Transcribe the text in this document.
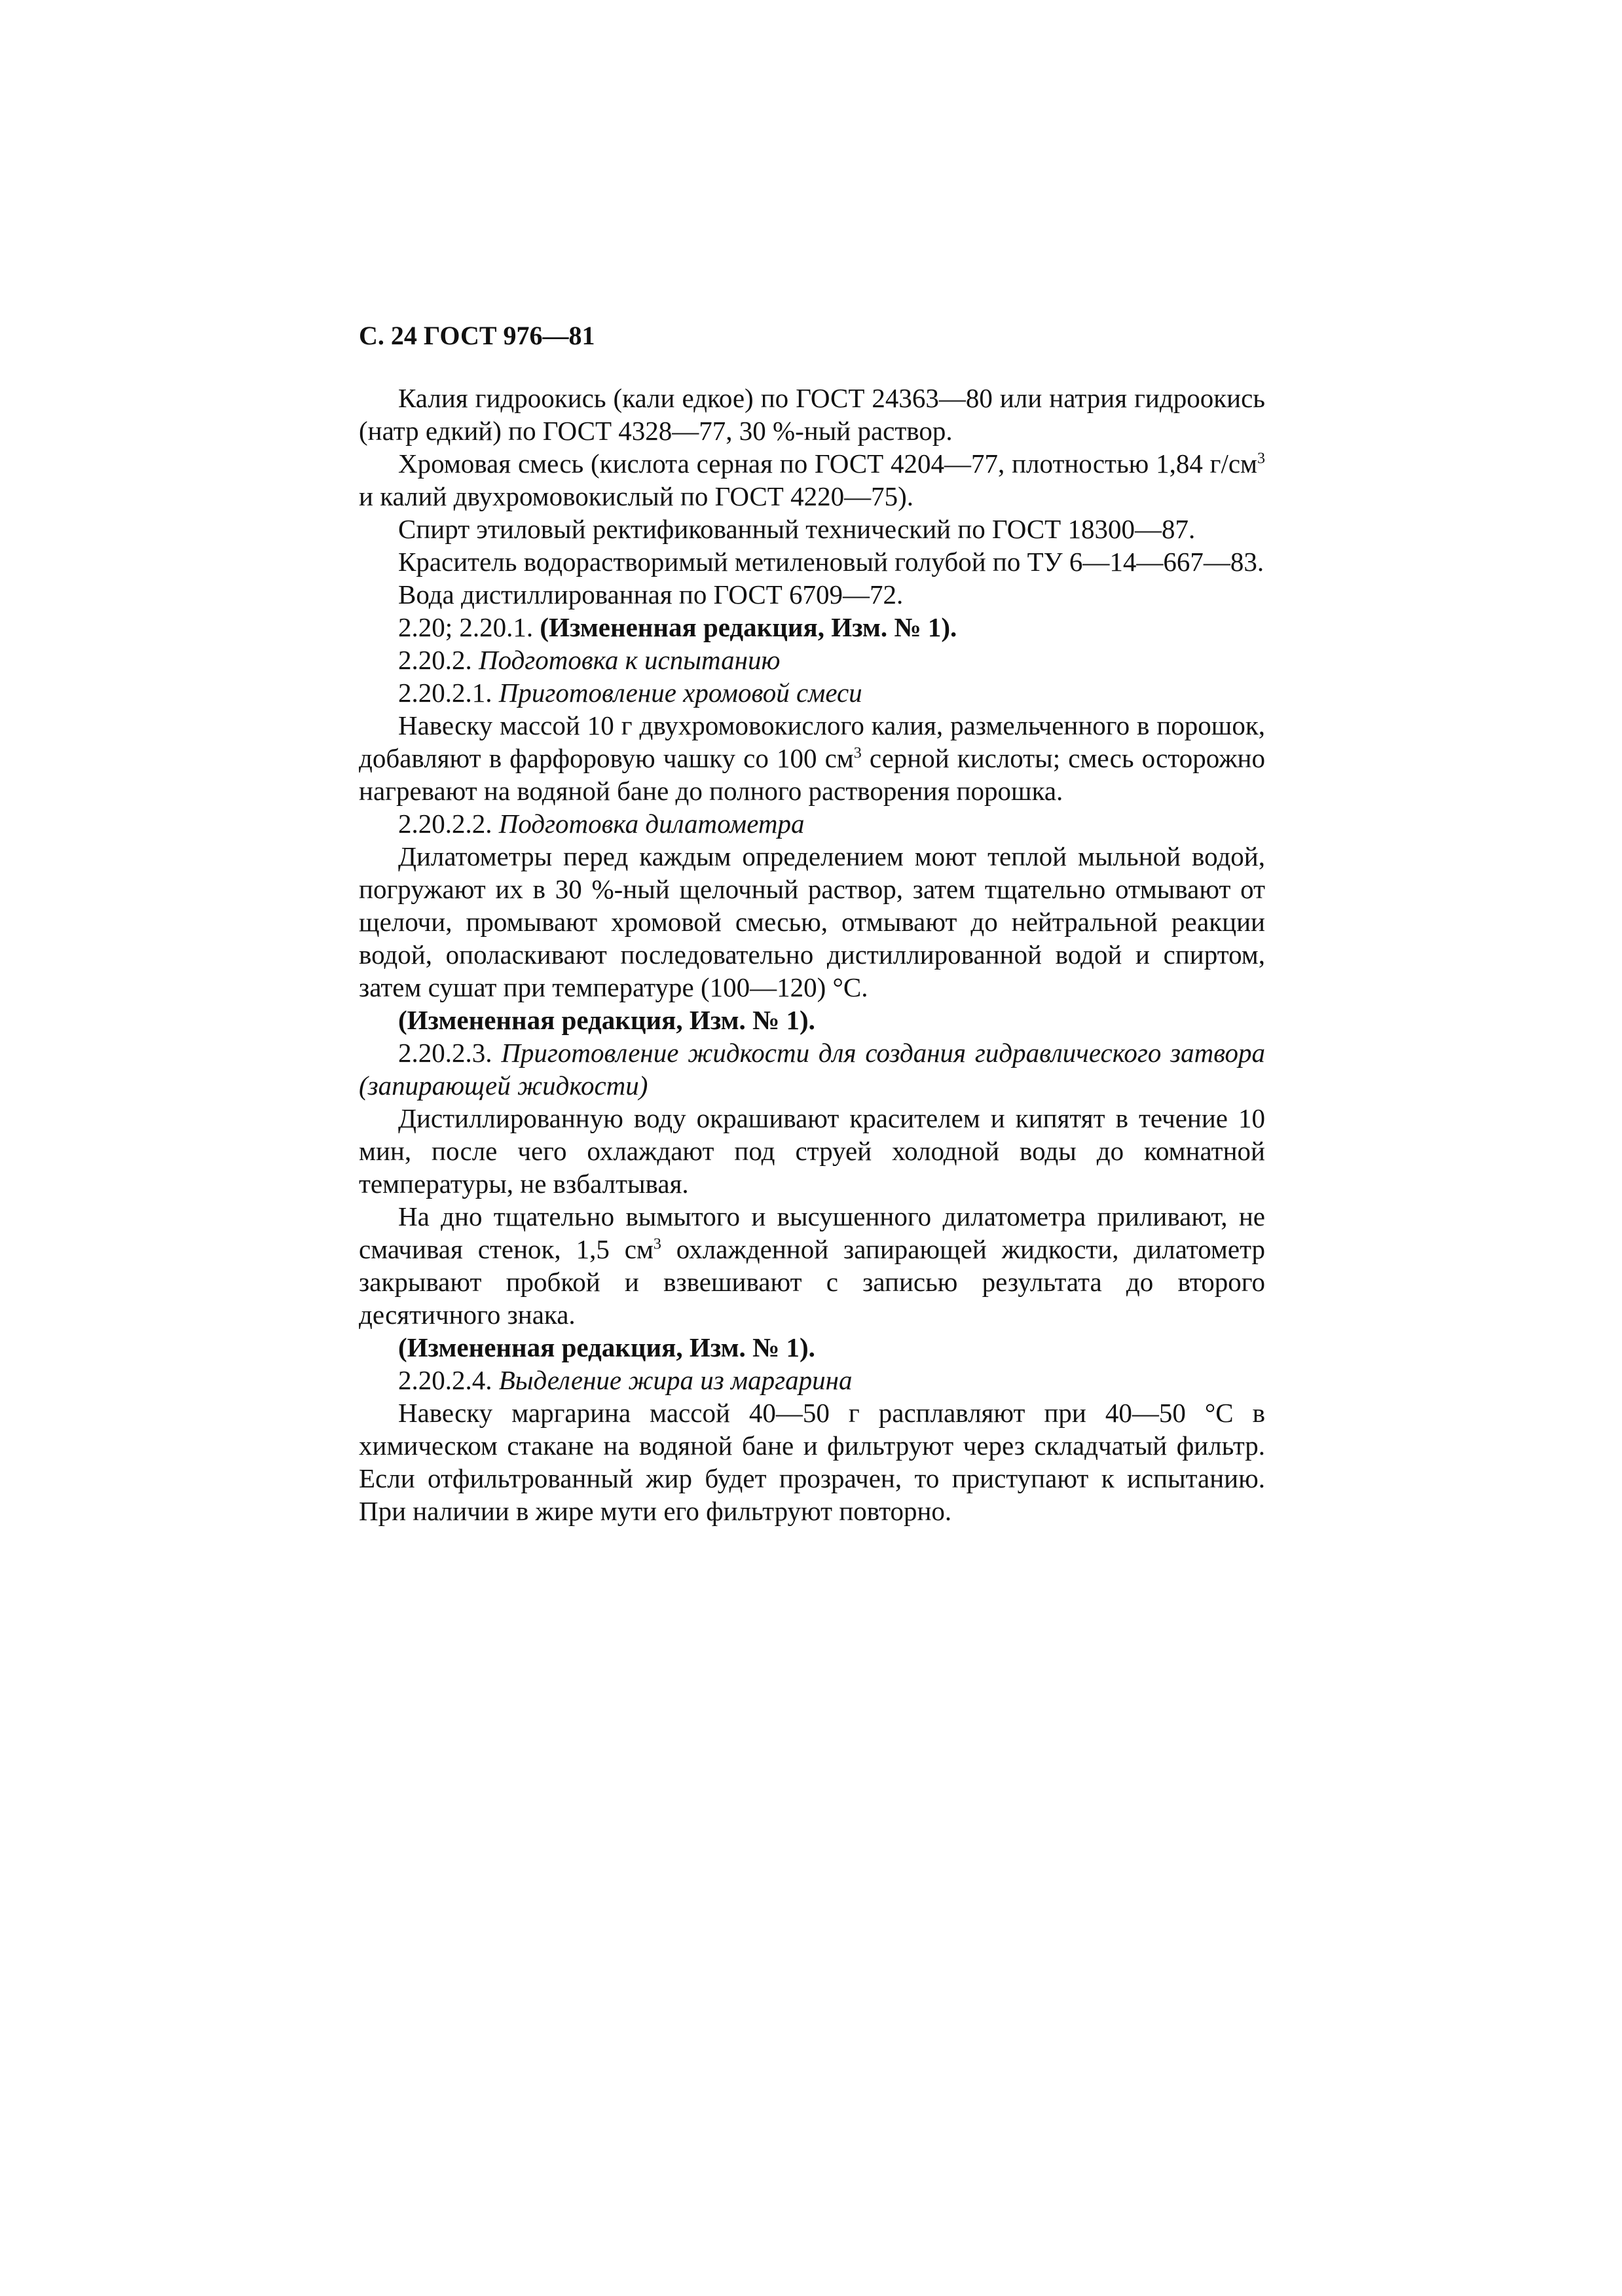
С. 24 ГОСТ 976—81

Калия гидроокись (кали едкое) по ГОСТ 24363—80 или натрия гидроокись (натр едкий) по ГОСТ 4328—77, 30 %-ный раствор.

Хромовая смесь (кислота серная по ГОСТ 4204—77, плотностью 1,84 $г/см^3$ и калий двухромовокислый по ГОСТ 4220—75).

Спирт этиловый ректификованный технический по ГОСТ 18300—87.

Краситель водорастворимый метиленовый голубой по ТУ 6—14—667—83.

Вода дистиллированная по ГОСТ 6709—72.

2.20; 2.20.1. (Измененная редакция, Изм. № 1).

2.20.2. Подготовка к испытанию

2.20.2.1. Приготовление хромовой смеси

Навеску массой 10 г двухромовокислого калия, размельченного в порошок, добавляют в фарфоровую чашку со 100 $см^3$ серной кислоты; смесь осторожно нагревают на водяной бане до полного растворения порошка.

2.20.2.2. Подготовка дилатометра

Дилатометры перед каждым определением моют теплой мыльной водой, погружают их в 30 %-ный щелочный раствор, затем тщательно отмывают от щелочи, промывают хромовой смесью, отмывают до нейтральной реакции водой, ополаскивают последовательно дистиллированной водой и спиртом, затем сушат при температуре (100—120) °С.

(Измененная редакция, Изм. № 1).

2.20.2.3. Приготовление жидкости для создания гидравлического затвора (запирающей жидкости)

Дистиллированную воду окрашивают красителем и кипятят в течение 10 мин, после чего охлаждают под струей холодной воды до комнатной температуры, не взбалтывая.

На дно тщательно вымытого и высушенного дилатометра приливают, не смачивая стенок, 1,5 $см^3$ охлажденной запирающей жидкости, дилатометр закрывают пробкой и взвешивают с записью результата до второго десятичного знака.

(Измененная редакция, Изм. № 1).

2.20.2.4. Выделение жира из маргарина

Навеску маргарина массой 40—50 г расплавляют при 40—50 °С в химическом стакане на водяной бане и фильтруют через складчатый фильтр. Если отфильтрованный жир будет прозрачен, то приступают к испытанию. При наличии в жире мути его фильтруют повторно.
